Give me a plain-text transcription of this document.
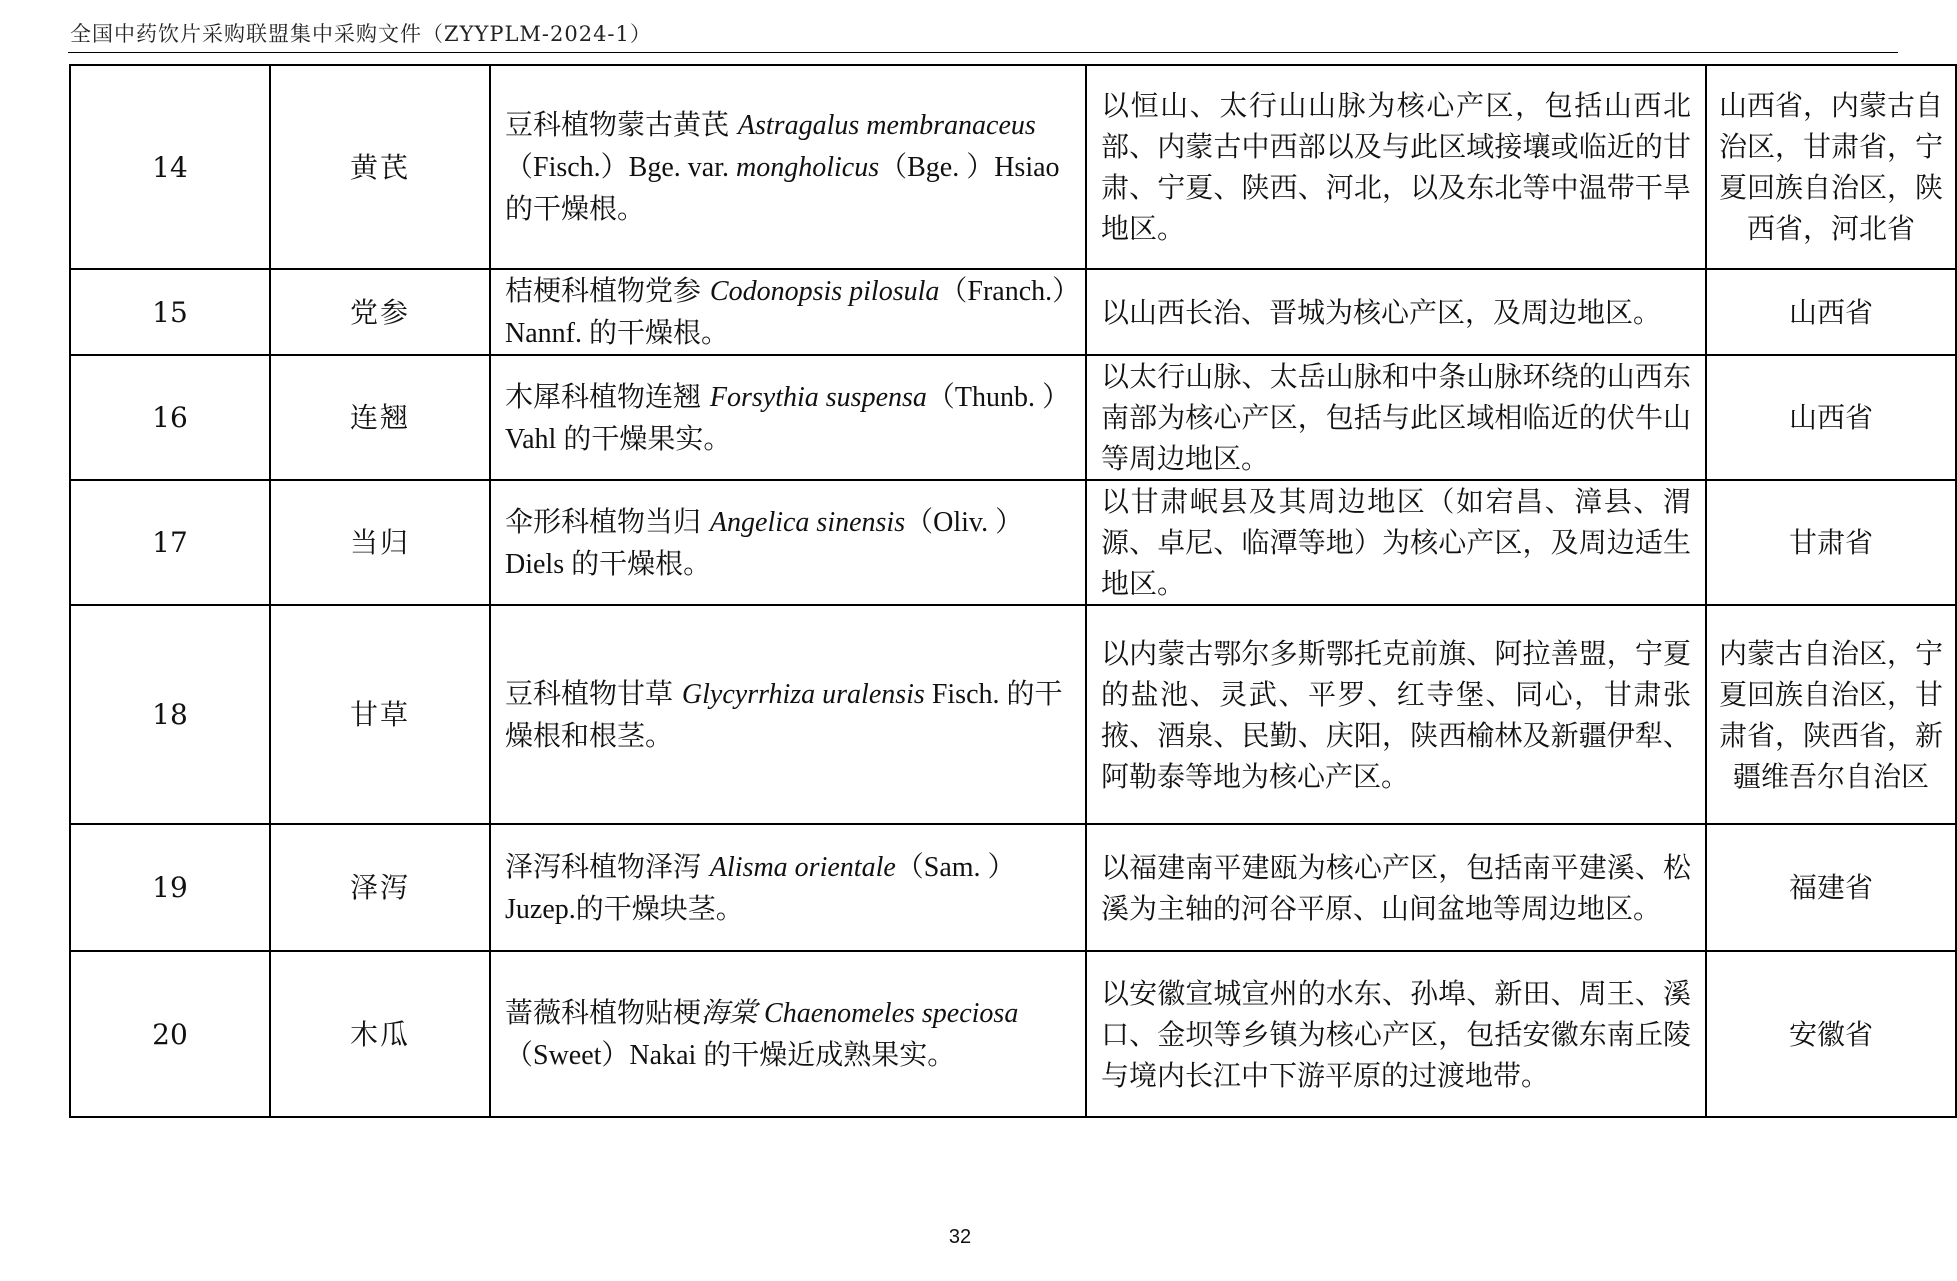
全国中药饮片采购联盟集中采购文件（ZYYPLM-2024-1）
14	黄芪	豆科植物蒙古黄芪 Astragalus membranaceus（Fisch.）Bge. var. mongholicus（Bge. ）Hsiao 的干燥根。	以恒山、太行山山脉为核心产区，包括山西北部、内蒙古中西部以及与此区域接壤或临近的甘肃、宁夏、陕西、河北，以及东北等中温带干旱地区。	山西省，内蒙古自治区，甘肃省，宁夏回族自治区，陕西省，河北省
15	党参	桔梗科植物党参 Codonopsis pilosula（Franch.）Nannf. 的干燥根。	以山西长治、晋城为核心产区，及周边地区。	山西省
16	连翘	木犀科植物连翘 Forsythia suspensa（Thunb. ）Vahl 的干燥果实。	以太行山脉、太岳山脉和中条山脉环绕的山西东南部为核心产区，包括与此区域相临近的伏牛山等周边地区。	山西省
17	当归	伞形科植物当归 Angelica sinensis（Oliv. ）Diels 的干燥根。	以甘肃岷县及其周边地区（如宕昌、漳县、渭源、卓尼、临潭等地）为核心产区，及周边适生地区。	甘肃省
18	甘草	豆科植物甘草 Glycyrrhiza uralensis Fisch. 的干燥根和根茎。	以内蒙古鄂尔多斯鄂托克前旗、阿拉善盟，宁夏的盐池、灵武、平罗、红寺堡、同心，甘肃张掖、酒泉、民勤、庆阳，陕西榆林及新疆伊犁、阿勒泰等地为核心产区。	内蒙古自治区，宁夏回族自治区，甘肃省，陕西省，新疆维吾尔自治区
19	泽泻	泽泻科植物泽泻 Alisma orientale（Sam. ）Juzep.的干燥块茎。	以福建南平建瓯为核心产区，包括南平建溪、松溪为主轴的河谷平原、山间盆地等周边地区。	福建省
20	木瓜	蔷薇科植物贴梗海棠 Chaenomeles speciosa（Sweet）Nakai 的干燥近成熟果实。	以安徽宣城宣州的水东、孙埠、新田、周王、溪口、金坝等乡镇为核心产区，包括安徽东南丘陵与境内长江中下游平原的过渡地带。	安徽省
32
